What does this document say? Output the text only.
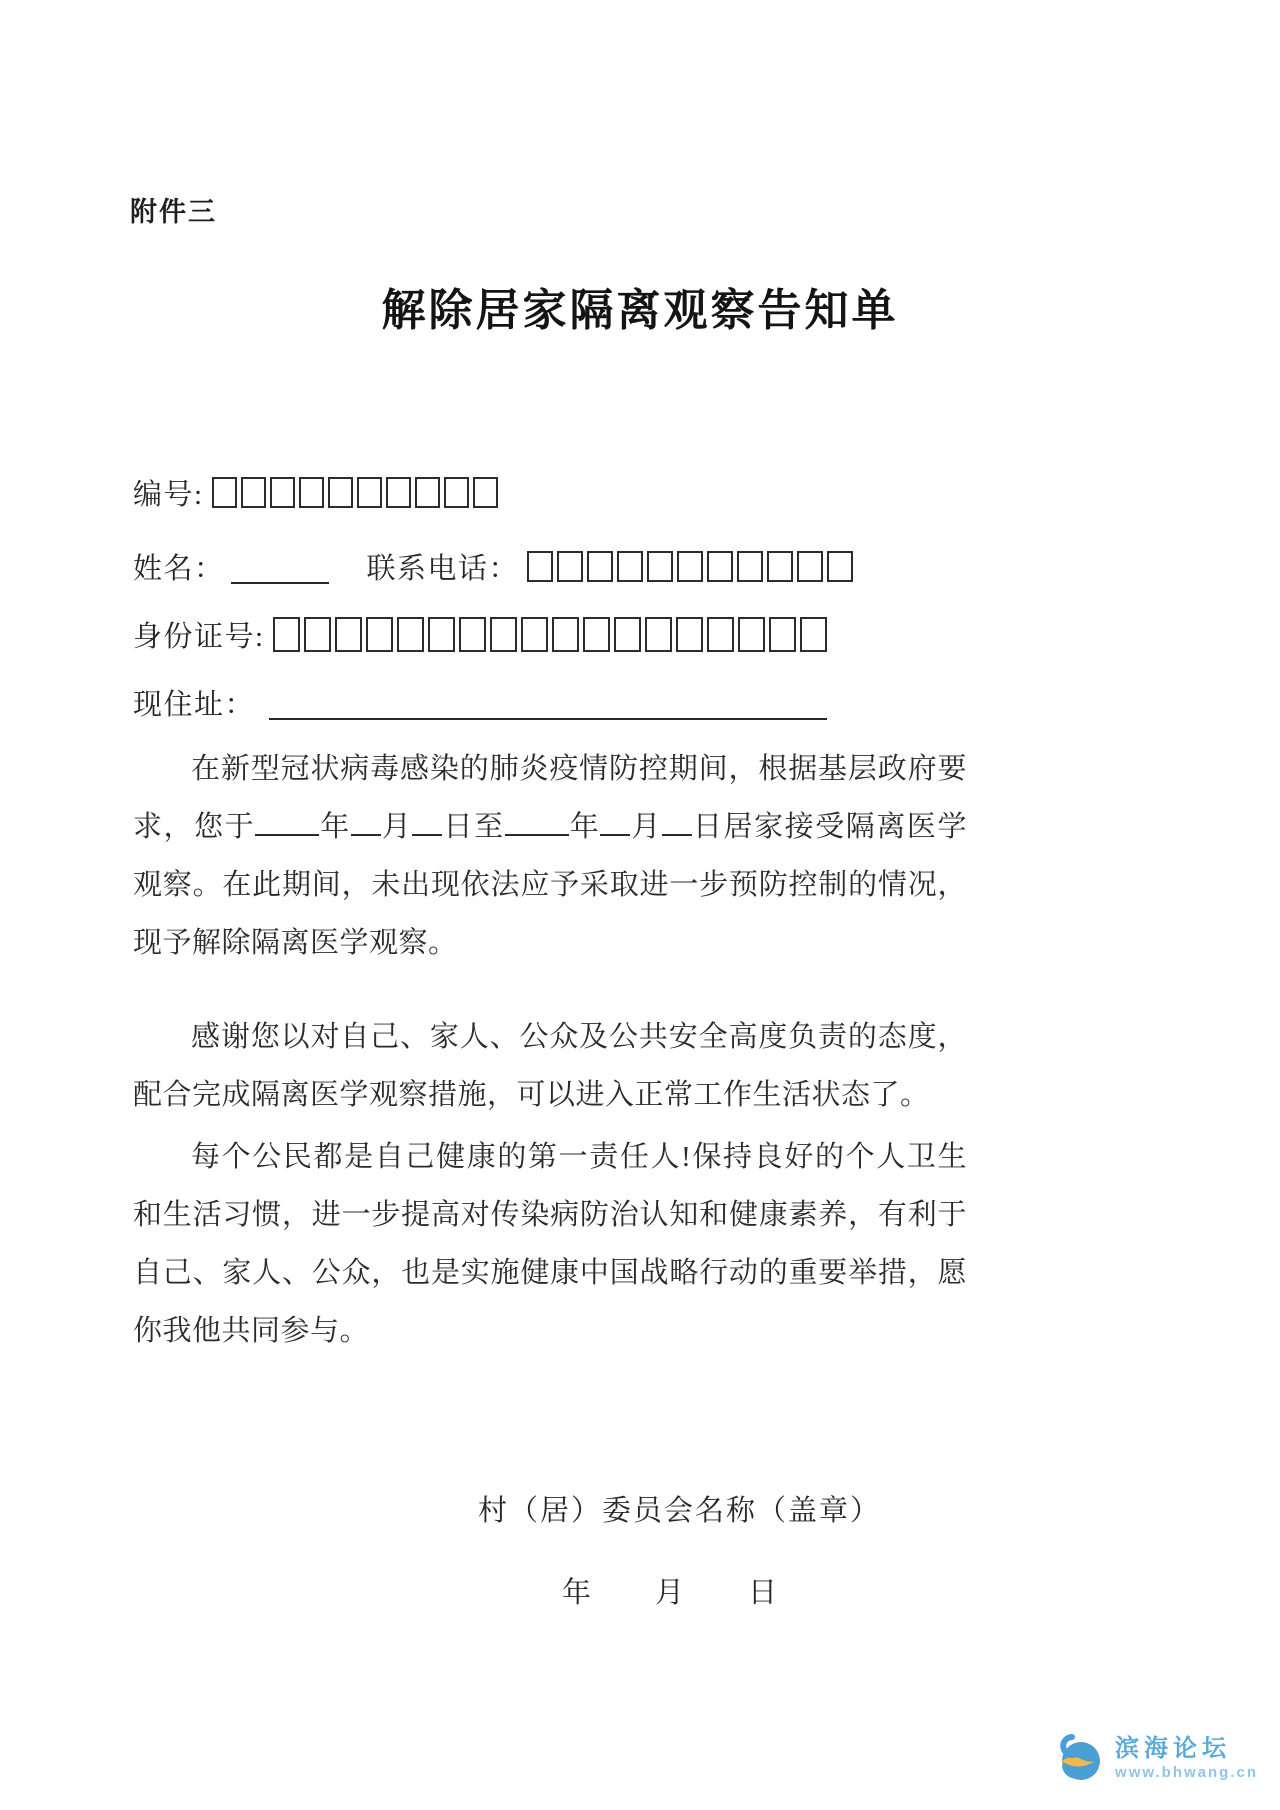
附件三
解除居家隔离观察告知单
编号:
姓名：	联系电话：
身份证号:
现住址：
在新型冠状病毒感染的肺炎疫情防控期间，根据基层政府要求，您于 年 月 日至 年 月 日居家接受隔离医学观察。在此期间，未出现依法应予采取进一步预防控制的情况，现予解除隔离医学观察。
感谢您以对自己、家人、公众及公共安全高度负责的态度，配合完成隔离医学观察措施，可以进入正常工作生活状态了。
每个公民都是自己健康的第一责任人!保持良好的个人卫生和生活习惯，进一步提高对传染病防治认知和健康素养，有利于自己、家人、公众，也是实施健康中国战略行动的重要举措，愿你我他共同参与。
村（居）委员会名称（盖章）
年　　月　　日
滨海论坛
www.bhwang.cn
